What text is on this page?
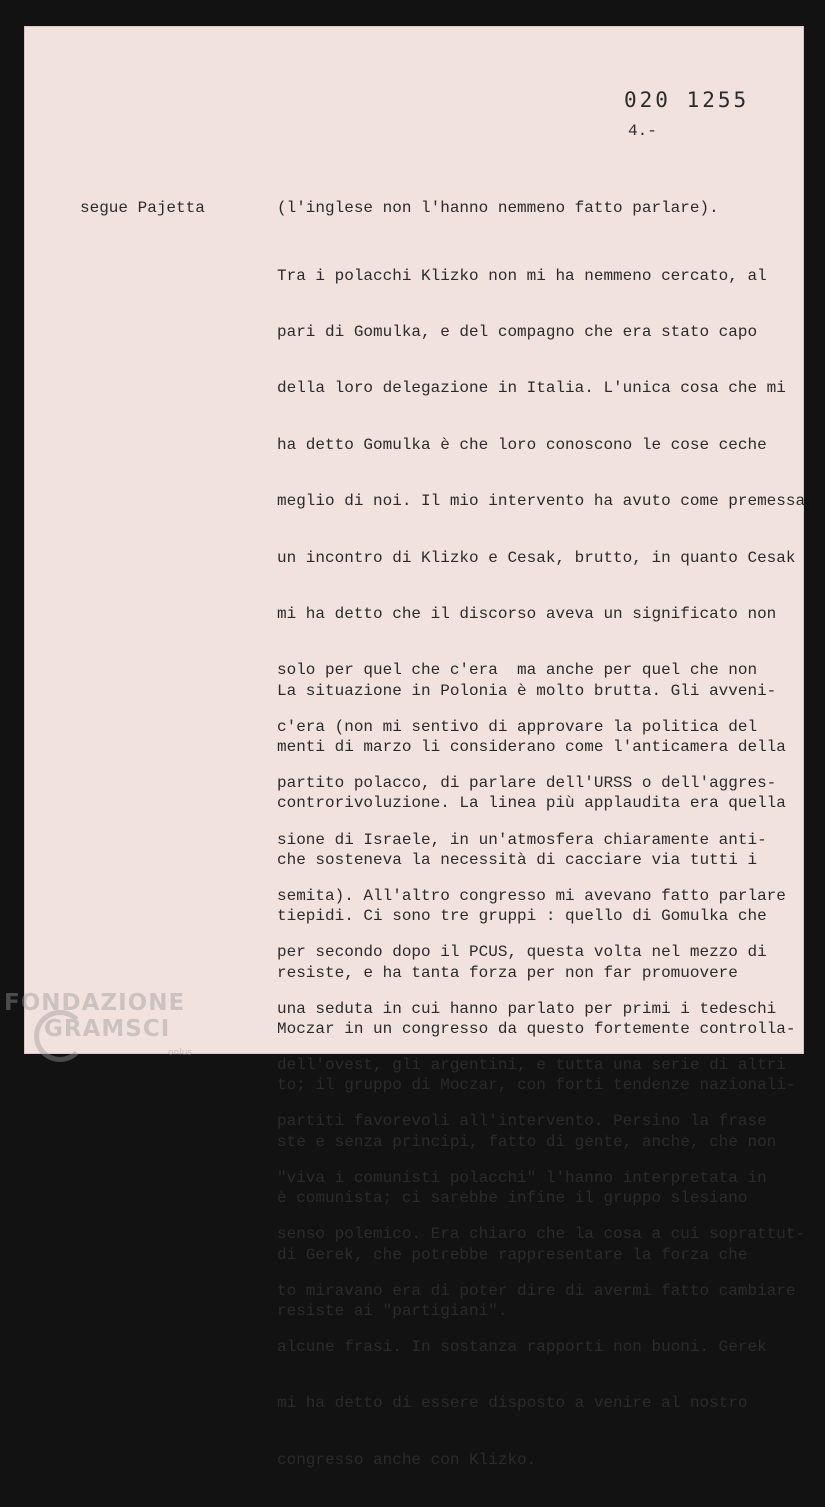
020 1255
4.-
segue Pajetta	(l'inglese non l'hanno nemmeno fatto parlare).

Tra i polacchi Klizko non mi ha nemmeno cercato, al

pari di Gomulka, e del compagno che era stato capo

della loro delegazione in Italia. L'unica cosa che mi

ha detto Gomulka è che loro conoscono le cose ceche

meglio di noi. Il mio intervento ha avuto come premessa

un incontro di Klizko e Cesak, brutto, in quanto Cesak

mi ha detto che il discorso aveva un significato non

solo per quel che c'era  ma anche per quel che non

c'era (non mi sentivo di approvare la politica del

partito polacco, di parlare dell'URSS o dell'aggres-

sione di Israele, in un'atmosfera chiaramente anti-

semita). All'altro congresso mi avevano fatto parlare

per secondo dopo il PCUS, questa volta nel mezzo di

una seduta in cui hanno parlato per primi i tedeschi

dell'ovest, gli argentini, e tutta una serie di altri

partiti favorevoli all'intervento. Persino la frase

"viva i comunisti polacchi" l'hanno interpretata in

senso polemico. Era chiaro che la cosa a cui soprattut-

to miravano era di poter dire di avermi fatto cambiare

alcune frasi. In sostanza rapporti non buoni. Gerek

mi ha detto di essere disposto a venire al nostro

congresso anche con Klizko.

La situazione in Polonia è molto brutta. Gli avveni-

menti di marzo li considerano come l'anticamera della

controrivoluzione. La linea più applaudita era quella

che sosteneva la necessità di cacciare via tutti i

tiepidi. Ci sono tre gruppi : quello di Gomulka che

resiste, e ha tanta forza per non far promuovere

Moczar in un congresso da questo fortemente controlla-

to; il gruppo di Moczar, con forti tendenze nazionali-

ste e senza principi, fatto di gente, anche, che non

è comunista; ci sarebbe infine il gruppo slesiano

di Gerek, che potrebbe rappresentare la forza che

resiste ai "partigiani".

FONDAZIONE
GRAMSCI
onlus
